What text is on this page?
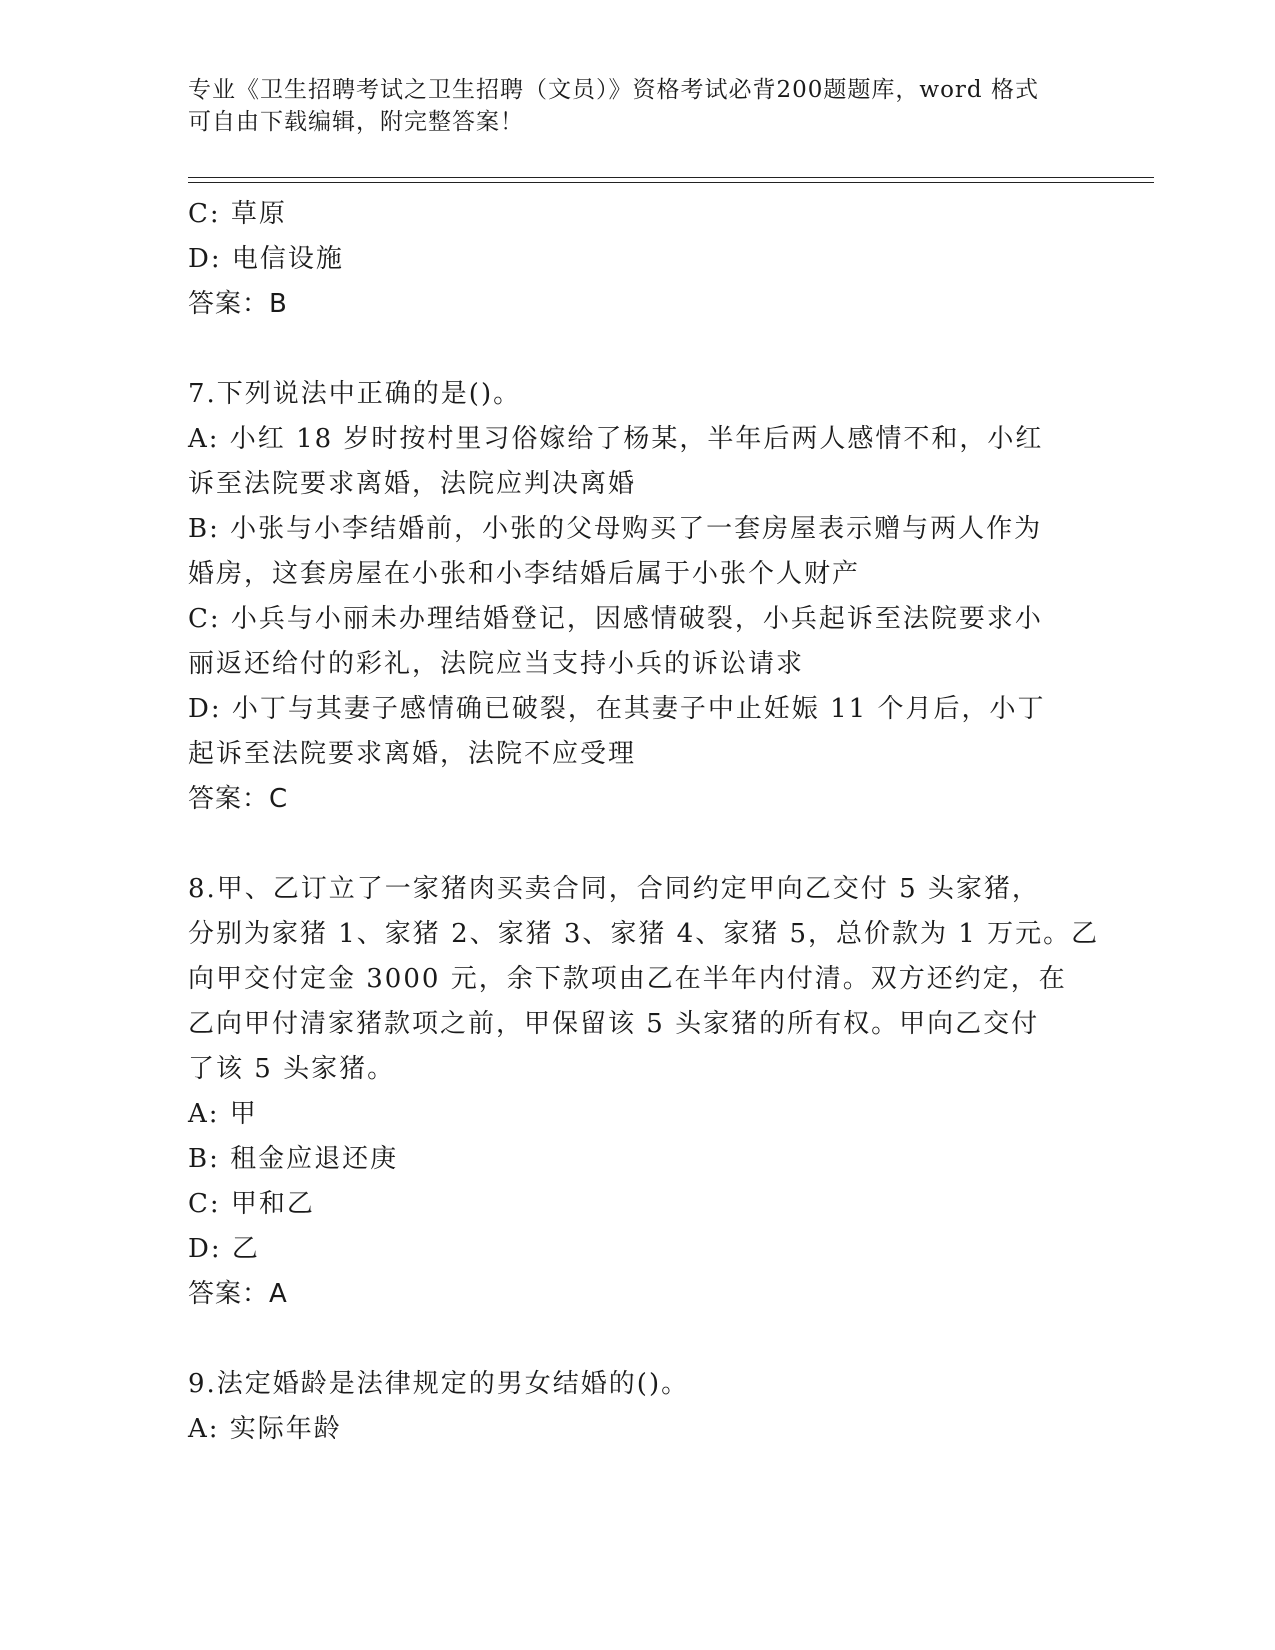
专业《卫生招聘考试之卫生招聘（文员）》资格考试必背200题题库，word 格式
可自由下载编辑，附完整答案！
C: 草原
D: 电信设施
答案：B
7.下列说法中正确的是()。
A: 小红 18 岁时按村里习俗嫁给了杨某，半年后两人感情不和，小红
诉至法院要求离婚，法院应判决离婚
B: 小张与小李结婚前，小张的父母购买了一套房屋表示赠与两人作为
婚房，这套房屋在小张和小李结婚后属于小张个人财产
C: 小兵与小丽未办理结婚登记，因感情破裂，小兵起诉至法院要求小
丽返还给付的彩礼，法院应当支持小兵的诉讼请求
D: 小丁与其妻子感情确已破裂，在其妻子中止妊娠 11 个月后，小丁
起诉至法院要求离婚，法院不应受理
答案：C
8.甲、乙订立了一家猪肉买卖合同，合同约定甲向乙交付 5 头家猪，
分别为家猪 1、家猪 2、家猪 3、家猪 4、家猪 5，总价款为 1 万元。乙
向甲交付定金 3000 元，余下款项由乙在半年内付清。双方还约定，在
乙向甲付清家猪款项之前，甲保留该 5 头家猪的所有权。甲向乙交付
了该 5 头家猪。
A: 甲
B: 租金应退还庚
C: 甲和乙
D: 乙
答案：A
9.法定婚龄是法律规定的男女结婚的()。
A: 实际年龄
